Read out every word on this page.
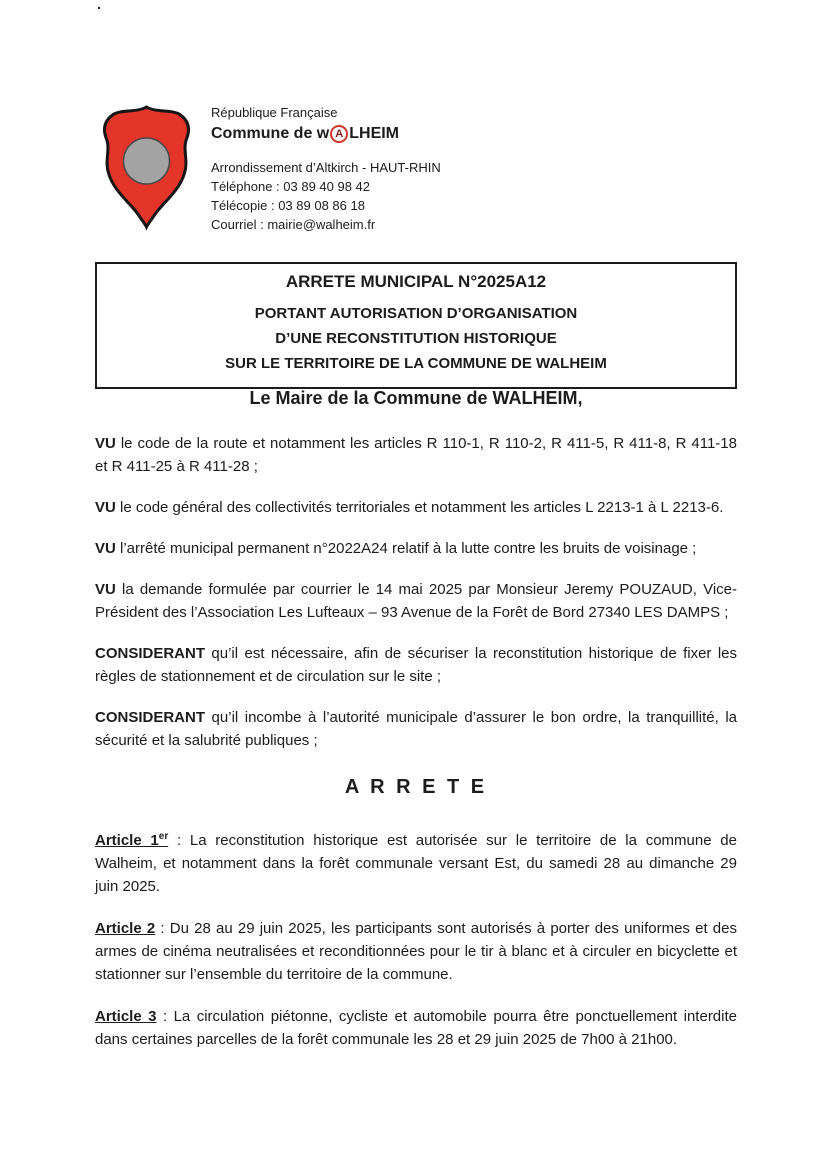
.
République Française
Commune de w A LHEIM
Arrondissement d’Altkirch - HAUT-RHIN
Téléphone : 03 89 40 98 42
Télécopie : 03 89 08 86 18
Courriel : mairie@walheim.fr
ARRETE MUNICIPAL N°2025A12
PORTANT AUTORISATION D’ORGANISATION
D’UNE RECONSTITUTION HISTORIQUE
SUR LE TERRITOIRE DE LA COMMUNE DE WALHEIM
Le Maire de la Commune de WALHEIM,

VU le code de la route et notamment les articles R 110-1, R 110-2, R 411-5, R 411-8, R 411-18 et R 411-25 à R 411-28 ;

VU le code général des collectivités territoriales et notamment les articles L 2213-1 à L 2213-6.

VU l’arrêté municipal permanent n°2022A24 relatif à la lutte contre les bruits de voisinage ;

VU la demande formulée par courrier le 14 mai 2025 par Monsieur Jeremy POUZAUD, Vice-Président des l’Association Les Lufteaux – 93 Avenue de la Forêt de Bord 27340 LES DAMPS ;

CONSIDERANT qu’il est nécessaire, afin de sécuriser la reconstitution historique de fixer les règles de stationnement et de circulation sur le site ;

CONSIDERANT qu’il incombe à l’autorité municipale d’assurer le bon ordre, la tranquillité, la sécurité et la salubrité publiques ;

A R R E T E

Article 1er : La reconstitution historique est autorisée sur le territoire de la commune de Walheim, et notamment dans la forêt communale versant Est, du samedi 28 au dimanche 29 juin 2025.

Article 2 : Du 28 au 29 juin 2025, les participants sont autorisés à porter des uniformes et des armes de cinéma neutralisées et reconditionnées pour le tir à blanc et à circuler en bicyclette et stationner sur l’ensemble du territoire de la commune.

Article 3 : La circulation piétonne, cycliste et automobile pourra être ponctuellement interdite dans certaines parcelles de la forêt communale les 28 et 29 juin 2025 de 7h00 à 21h00.
